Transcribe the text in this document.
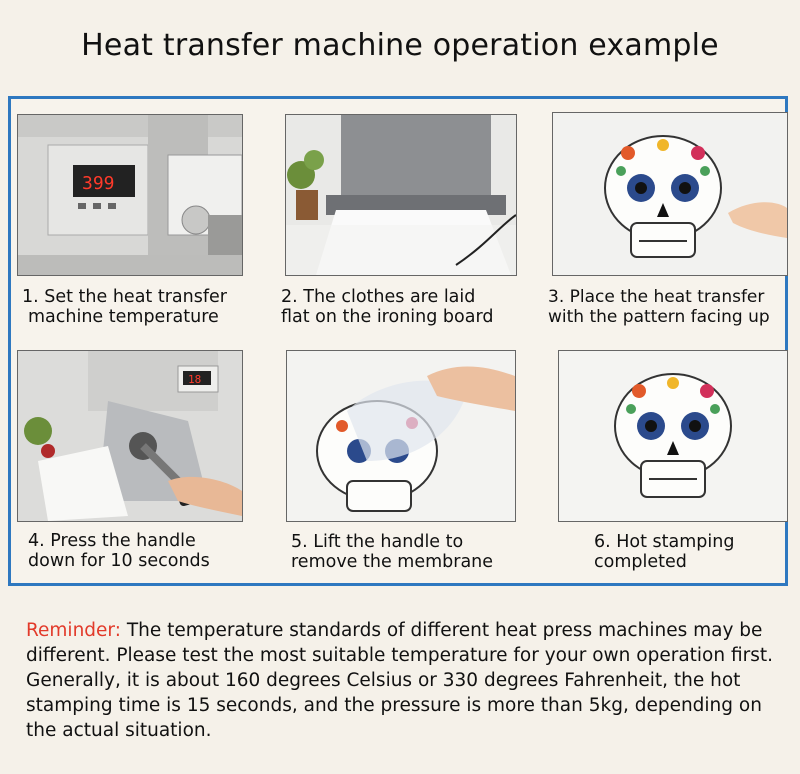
Heat transfer machine operation example
399
1. Set the heat transfer
machine temperature
2. The clothes are laid
flat on the ironing board
3. Place the heat transfer
with the pattern facing up
18
4. Press the handle
down for 10 seconds
5. Lift the handle to
remove the membrane
6. Hot stamping
completed
Reminder: The temperature standards of different heat press machines may be different. Please test the most suitable temperature for your own operation first. Generally, it is about 160 degrees Celsius or 330 degrees Fahrenheit, the hot stamping time is 15 seconds, and the pressure is more than 5kg, depending on the actual situation.
